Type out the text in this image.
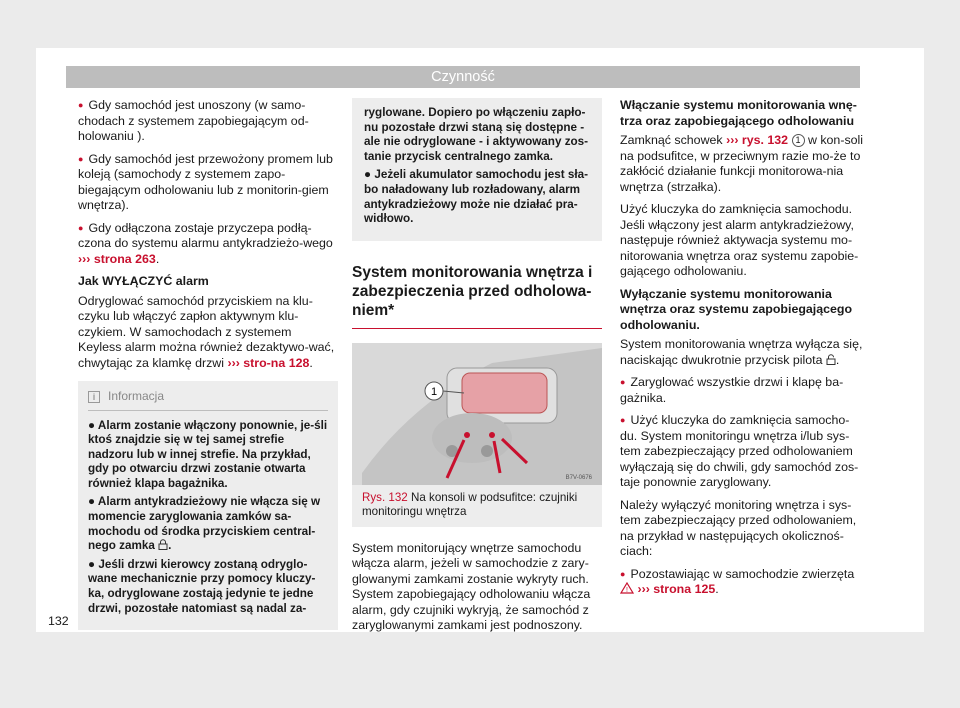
Czynność

● Gdy samochód jest unoszony (w samo-chodach z systemem zapobiegającym od-holowaniu ).

● Gdy samochód jest przewożony promem lub koleją (samochody z systemem zapo-biegającym odholowaniu lub z monitorin-giem wnętrza).

● Gdy odłączona zostaje przyczepa podłą-czona do systemu alarmu antykradzieżo-wego ››› strona 263.

Jak WYŁĄCZYĆ alarm

Odryglować samochód przyciskiem na klu-czyku lub włączyć zapłon aktywnym klu-czykiem. W samochodach z systemem Keyless alarm można również dezaktywo-wać, chwytając za klamkę drzwi ››› stro-na 128.

i	Informacja

● Alarm zostanie włączony ponownie, je-śli ktoś znajdzie się w tej samej strefie nadzoru lub w innej strefie. Na przykład, gdy po otwarciu drzwi zostanie otwarta również klapa bagażnika.

● Alarm antykradzieżowy nie włącza się w momencie zaryglowania zamków sa-mochodu od środka przyciskiem central-nego zamka .

● Jeśli drzwi kierowcy zostaną odryglo-wane mechanicznie przy pomocy kluczy-ka, odryglowane zostają jedynie te jedne drzwi, pozostałe natomiast są nadal za-

ryglowane. Dopiero po włączeniu zapło-nu pozostałe drzwi staną się dostępne - ale nie odryglowane - i aktywowany zos-tanie przycisk centralnego zamka.

● Jeżeli akumulator samochodu jest sła-bo naładowany lub rozładowany, alarm antykradzieżowy może nie działać pra-widłowo.

System monitorowania wnętrza i zabezpieczenia przed odholowa-niem*
1
B7V-0676
Rys. 132 Na konsoli w podsufitce: czujniki monitoringu wnętrza

System monitorujący wnętrze samochodu włącza alarm, jeżeli w samochodzie z zary-glowanymi zamkami zostanie wykryty ruch. System zapobiegający odholowaniu włącza alarm, gdy czujniki wykryją, że samochód z zaryglowanymi zamkami jest podnoszony.

Włączanie systemu monitorowania wnę-trza oraz zapobiegającego odholowaniu

Zamknąć schowek ››› rys. 132 1 w kon-soli na podsufitce, w przeciwnym razie mo-że to zakłócić działanie funkcji monitorowa-nia wnętrza (strzałka).

Użyć kluczyka do zamknięcia samochodu. Jeśli włączony jest alarm antykradzieżowy, następuje również aktywacja systemu mo-nitorowania wnętrza oraz systemu zapobie-gającego odholowaniu.

Wyłączanie systemu monitorowania wnętrza oraz systemu zapobiegającego odholowaniu.

System monitorowania wnętrza wyłącza się, naciskając dwukrotnie przycisk pilota .

● Zaryglować wszystkie drzwi i klapę ba-gażnika.

● Użyć kluczyka do zamknięcia samocho-du. System monitoringu wnętrza i/lub sys-tem zabezpieczający przed odholowaniem wyłączają się do chwili, gdy samochód zos-taje ponownie zaryglowany.

Należy wyłączyć monitoring wnętrza i sys-tem zabezpieczający przed odholowaniem, na przykład w następujących okolicznoś-ciach:

● Pozostawiając w samochodzie zwierzęta

! ››› strona 125.

132
